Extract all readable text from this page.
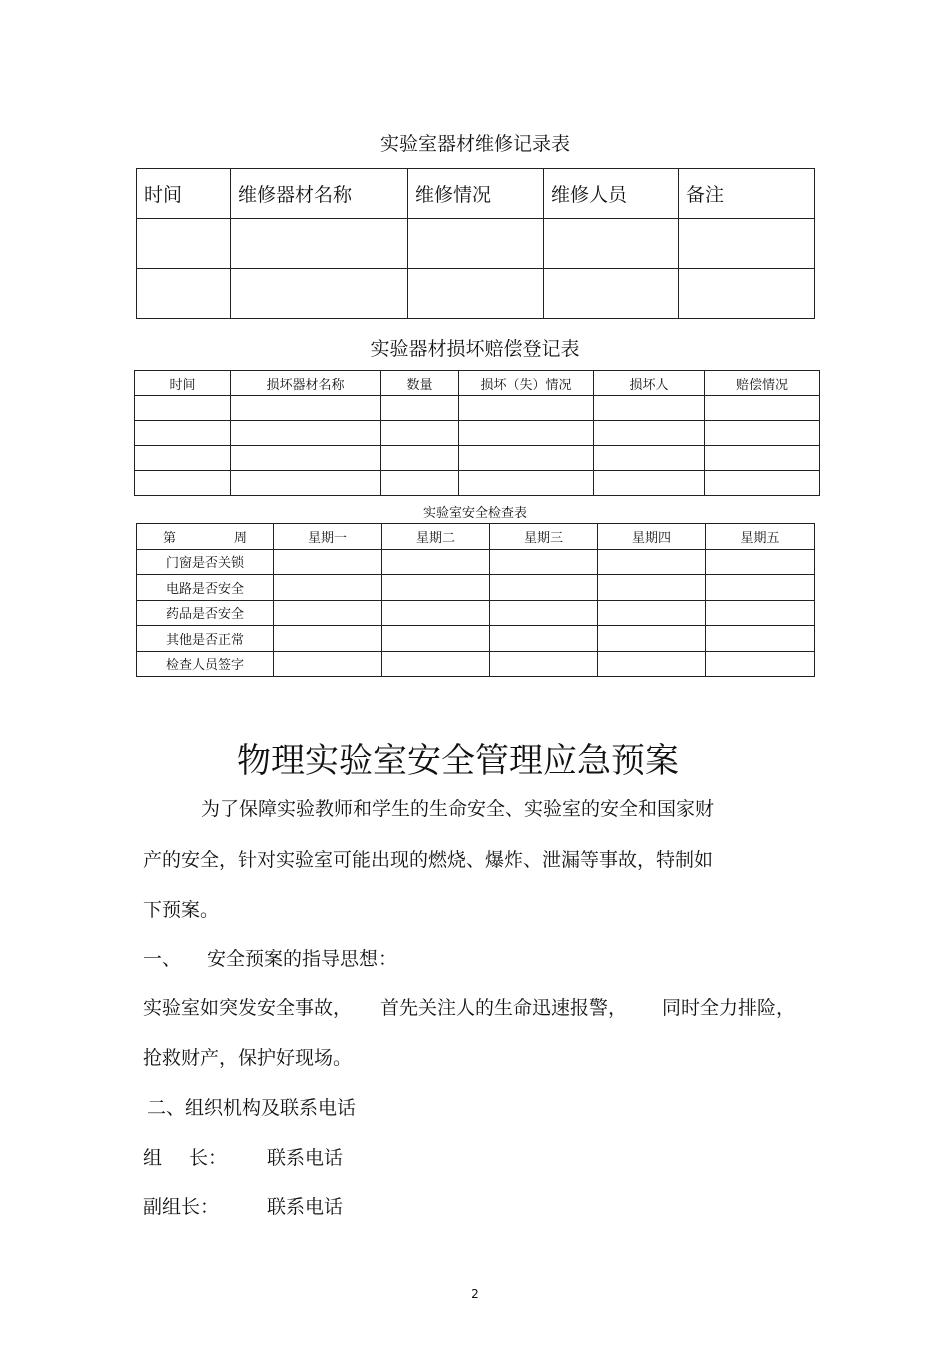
实验室器材维修记录表
时间	维修器材名称	维修情况	维修人员	备注

实验器材损坏赔偿登记表
时间	损坏器材名称	数量	损坏（失）情况	损坏人	赔偿情况

实验室安全检查表
第 周	星期一	星期二	星期三	星期四	星期五
门窗是否关锁					
电路是否安全					
药品是否安全					
其他是否正常					
检查人员签字					
物理实验室安全管理应急预案
为了保障实验教师和学生的生命安全、实验室的安全和国家财
产的安全，针对实验室可能出现的燃烧、爆炸、泄漏等事故，特制如
下预案。
一、 安全预案的指导思想：
实验室如突发安全事故， 首先关注人的生命迅速报警， 同时全力排险，
抢救财产，保护好现场。
二、组织机构及联系电话
组 长： 联系电话
副组长：	联系电话
2
